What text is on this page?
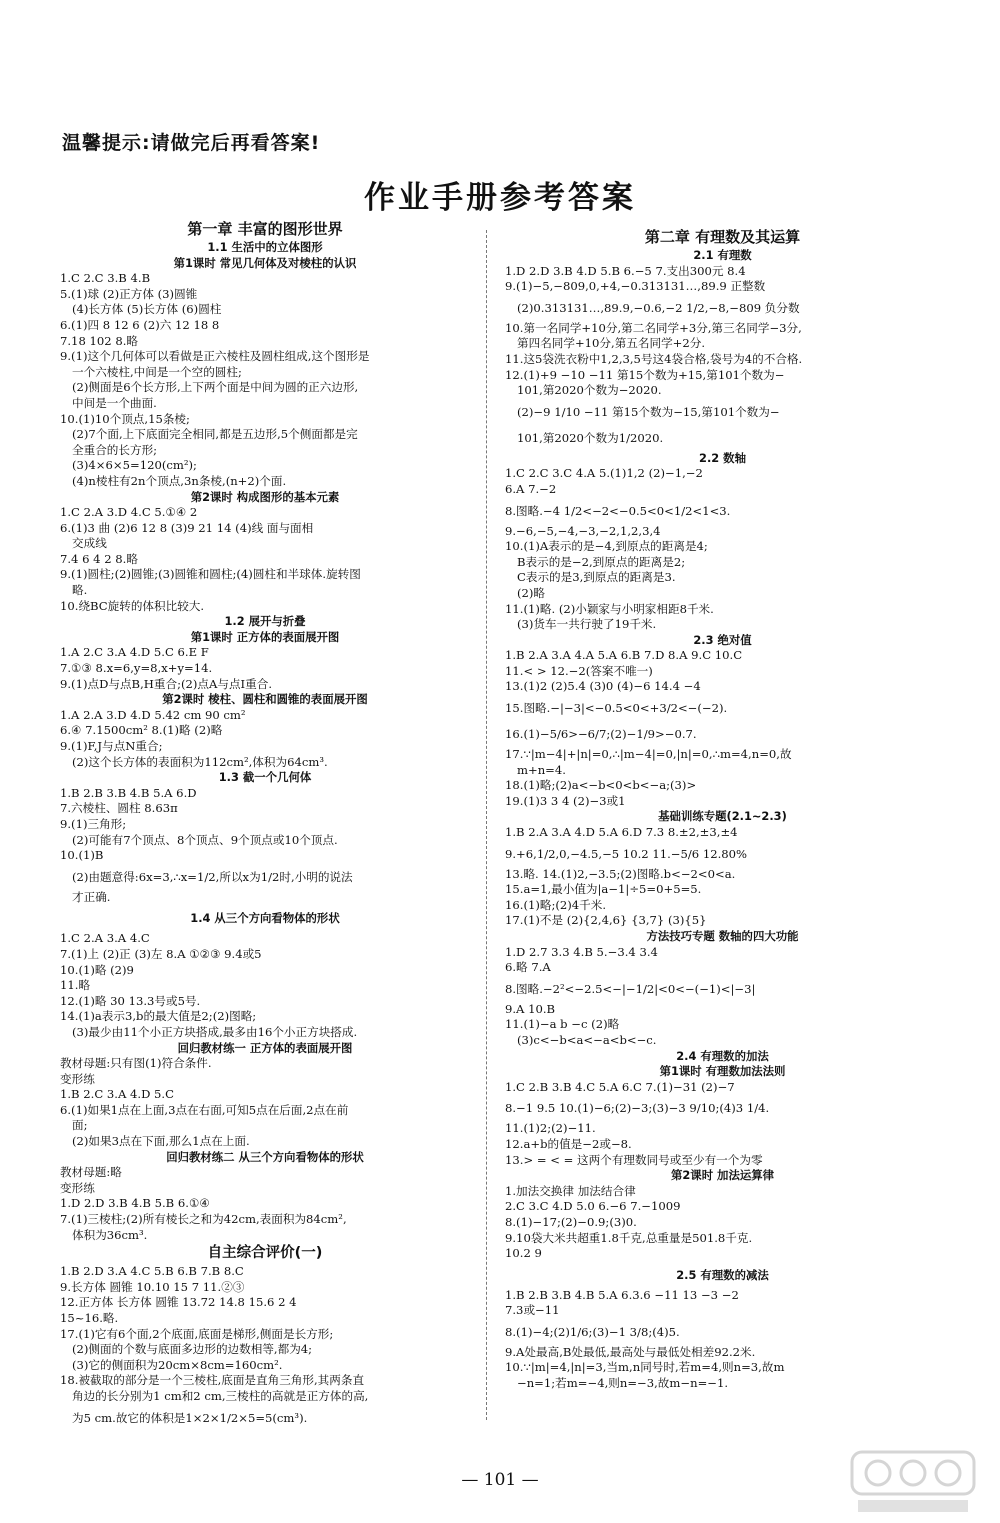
温馨提示:请做完后再看答案!
作业手册参考答案
第一章 丰富的图形世界
1.1 生活中的立体图形
第1课时 常见几何体及对棱柱的认识
1.C 2.C 3.B 4.B
5.(1)球 (2)正方体 (3)圆锥
(4)长方体 (5)长方体 (6)圆柱
6.(1)四 8 12 6 (2)六 12 18 8
7.18 102 8.略
9.(1)这个几何体可以看做是正六棱柱及圆柱组成,这个图形是
一个六棱柱,中间是一个空的圆柱;
(2)侧面是6个长方形,上下两个面是中间为圆的正六边形,
中间是一个曲面.
10.(1)10个顶点,15条棱;
(2)7个面,上下底面完全相同,都是五边形,5个侧面都是完
全重合的长方形;
(3)4×6×5=120(cm²);
(4)n棱柱有2n个顶点,3n条棱,(n+2)个面.
第2课时 构成图形的基本元素
1.C 2.A 3.D 4.C 5.①④ 2
6.(1)3 曲 (2)6 12 8 (3)9 21 14 (4)线 面与面相
交成线
7.4 6 4 2 8.略
9.(1)圆柱;(2)圆锥;(3)圆锥和圆柱;(4)圆柱和半球体.旋转图
略.
10.绕BC旋转的体积比较大.
1.2 展开与折叠
第1课时 正方体的表面展开图
1.A 2.C 3.A 4.D 5.C 6.E F
7.①③ 8.x=6,y=8,x+y=14.
9.(1)点D与点B,H重合;(2)点A与点I重合.
第2课时 棱柱、圆柱和圆锥的表面展开图
1.A 2.A 3.D 4.D 5.42 cm 90 cm²
6.④ 7.1500cm² 8.(1)略 (2)略
9.(1)F,J与点N重合;
(2)这个长方体的表面积为112cm²,体积为64cm³.
1.3 截一个几何体
1.B 2.B 3.B 4.B 5.A 6.D
7.六棱柱、圆柱 8.63π
9.(1)三角形;
(2)可能有7个顶点、8个顶点、9个顶点或10个顶点.
10.(1)B
(2)由题意得:6x=3,∴x=1/2,所以x为1/2时,小明的说法
才正确.
1.4 从三个方向看物体的形状
1.C 2.A 3.A 4.C
7.(1)上 (2)正 (3)左 8.A ①②③ 9.4或5
10.(1)略 (2)9
11.略
12.(1)略 30 13.3号或5号.
14.(1)a表示3,b的最大值是2;(2)图略;
(3)最少由11个小正方块搭成,最多由16个小正方块搭成.
回归教材练一 正方体的表面展开图
教材母题:只有图(1)符合条件.
变形练
1.B 2.C 3.A 4.D 5.C
6.(1)如果1点在上面,3点在右面,可知5点在后面,2点在前
面;
(2)如果3点在下面,那么1点在上面.
回归教材练二 从三个方向看物体的形状
教材母题:略
变形练
1.D 2.D 3.B 4.B 5.B 6.①④
7.(1)三棱柱;(2)所有棱长之和为42cm,表面积为84cm²,
体积为36cm³.
自主综合评价(一)
1.B 2.D 3.A 4.C 5.B 6.B 7.B 8.C
9.长方体 圆锥 10.10 15 7 11.②③
12.正方体 长方体 圆锥 13.72 14.8 15.6 2 4
15~16.略.
17.(1)它有6个面,2个底面,底面是梯形,侧面是长方形;
(2)侧面的个数与底面多边形的边数相等,都为4;
(3)它的侧面积为20cm×8cm=160cm².
18.被截取的部分是一个三棱柱,底面是直角三角形,其两条直
角边的长分别为1 cm和2 cm,三棱柱的高就是正方体的高,
为5 cm.故它的体积是1×2×1/2×5=5(cm³).
第二章 有理数及其运算
2.1 有理数
1.D 2.D 3.B 4.D 5.B 6.−5 7.支出300元 8.4
9.(1)−5,−809,0,+4,−0.313131…,89.9 正整数
(2)0.313131…,89.9,−0.6,−2 1/2,−8,−809 负分数
10.第一名同学+10分,第二名同学+3分,第三名同学−3分,
第四名同学+10分,第五名同学+2分.
11.这5袋洗衣粉中1,2,3,5号这4袋合格,袋号为4的不合格.
12.(1)+9 −10 −11 第15个数为+15,第101个数为−
101,第2020个数为−2020.
(2)−9 1/10 −11 第15个数为−15,第101个数为−
101,第2020个数为1/2020.
2.2 数轴
1.C 2.C 3.C 4.A 5.(1)1,2 (2)−1,−2
6.A 7.−2
8.图略.−4 1/2<−2<−0.5<0<1/2<1<3.
9.−6,−5,−4,−3,−2,1,2,3,4
10.(1)A表示的是−4,到原点的距离是4;
B表示的是−2,到原点的距离是2;
C表示的是3,到原点的距离是3.
(2)略
11.(1)略. (2)小颖家与小明家相距8千米.
(3)货车一共行驶了19千米.
2.3 绝对值
1.B 2.A 3.A 4.A 5.A 6.B 7.D 8.A 9.C 10.C
11.< > 12.−2(答案不唯一)
13.(1)2 (2)5.4 (3)0 (4)−6 14.4 −4
15.图略.−|−3|<−0.5<0<+3/2<−(−2).
16.(1)−5/6>−6/7;(2)−1/9>−0.7.
17.∵|m−4|+|n|=0,∴|m−4|=0,|n|=0,∴m=4,n=0,故
m+n=4.
18.(1)略;(2)a<−b<0<b<−a;(3)>
19.(1)3 3 4 (2)−3或1
基础训练专题(2.1~2.3)
1.B 2.A 3.A 4.D 5.A 6.D 7.3 8.±2,±3,±4
9.+6,1/2,0,−4.5,−5 10.2 11.−5/6 12.80%
13.略. 14.(1)2,−3.5;(2)图略.b<−2<0<a.
15.a=1,最小值为|a−1|÷5=0+5=5.
16.(1)略;(2)4千米.
17.(1)不是 (2){2,4,6} {3,7} (3){5}
方法技巧专题 数轴的四大功能
1.D 2.7 3.3 4.B 5.−3.4 3.4
6.略 7.A
8.图略.−2²<−2.5<−|−1/2|<0<−(−1)<|−3|
9.A 10.B
11.(1)−a b −c (2)略
(3)c<−b<a<−a<b<−c.
2.4 有理数的加法
第1课时 有理数加法法则
1.C 2.B 3.B 4.C 5.A 6.C 7.(1)−31 (2)−7
8.−1 9.5 10.(1)−6;(2)−3;(3)−3 9/10;(4)3 1/4.
11.(1)2;(2)−11.
12.a+b的值是−2或−8.
13.> = < = 这两个有理数同号或至少有一个为零
第2课时 加法运算律
1.加法交换律 加法结合律
2.C 3.C 4.D 5.0 6.−6 7.−1009
8.(1)−17;(2)−0.9;(3)0.
9.10袋大米共超重1.8千克,总重量是501.8千克.
10.2 9
2.5 有理数的减法
1.B 2.B 3.B 4.B 5.A 6.3.6 −11 13 −3 −2
7.3或−11
8.(1)−4;(2)1/6;(3)−1 3/8;(4)5.
9.A处最高,B处最低,最高处与最低处相差92.2米.
10.∵|m|=4,|n|=3,当m,n同号时,若m=4,则n=3,故m
−n=1;若m=−4,则n=−3,故m−n=−1.
— 101 —
